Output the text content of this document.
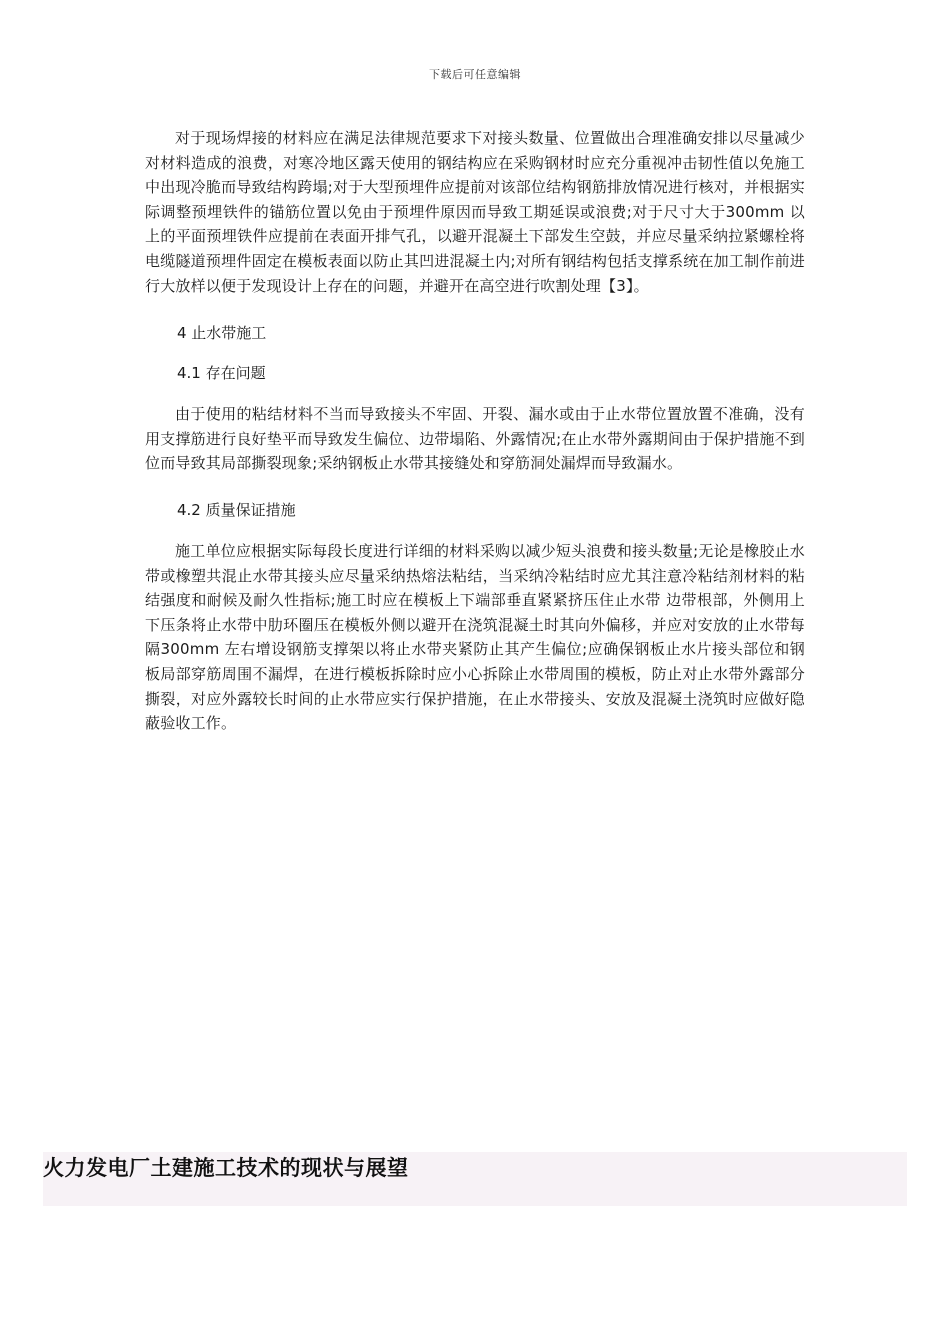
下载后可任意编辑

对于现场焊接的材料应在满足法律规范要求下对接头数量、位置做出合理准确安排以尽量减少对材料造成的浪费，对寒冷地区露天使用的钢结构应在采购钢材时应充分重视冲击韧性值以免施工中出现冷脆而导致结构跨塌;对于大型预埋件应提前对该部位结构钢筋排放情况进行核对，并根据实际调整预埋铁件的锚筋位置以免由于预埋件原因而导致工期延误或浪费;对于尺寸大于300mm 以上的平面预埋铁件应提前在表面开排气孔，以避开混凝土下部发生空鼓，并应尽量采纳拉紧螺栓将电缆隧道预埋件固定在模板表面以防止其凹进混凝土内;对所有钢结构包括支撑系统在加工制作前进行大放样以便于发现设计上存在的问题，并避开在高空进行吹割处理【3】。

4 止水带施工

4.1 存在问题

由于使用的粘结材料不当而导致接头不牢固、开裂、漏水或由于止水带位置放置不准确，没有用支撑筋进行良好垫平而导致发生偏位、边带塌陷、外露情况;在止水带外露期间由于保护措施不到位而导致其局部撕裂现象;采纳钢板止水带其接缝处和穿筋洞处漏焊而导致漏水。

4.2 质量保证措施

施工单位应根据实际每段长度进行详细的材料采购以减少短头浪费和接头数量;无论是橡胶止水带或橡塑共混止水带其接头应尽量采纳热熔法粘结，当采纳冷粘结时应尤其注意冷粘结剂材料的粘结强度和耐候及耐久性指标;施工时应在模板上下端部垂直紧紧挤压住止水带 边带根部，外侧用上下压条将止水带中肋环圈压在模板外侧以避开在浇筑混凝土时其向外偏移，并应对安放的止水带每隔300mm 左右增设钢筋支撑架以将止水带夹紧防止其产生偏位;应确保钢板止水片接头部位和钢板局部穿筋周围不漏焊，在进行模板拆除时应小心拆除止水带周围的模板，防止对止水带外露部分撕裂，对应外露较长时间的止水带应实行保护措施，在止水带接头、安放及混凝土浇筑时应做好隐蔽验收工作。

火力发电厂土建施工技术的现状与展望
